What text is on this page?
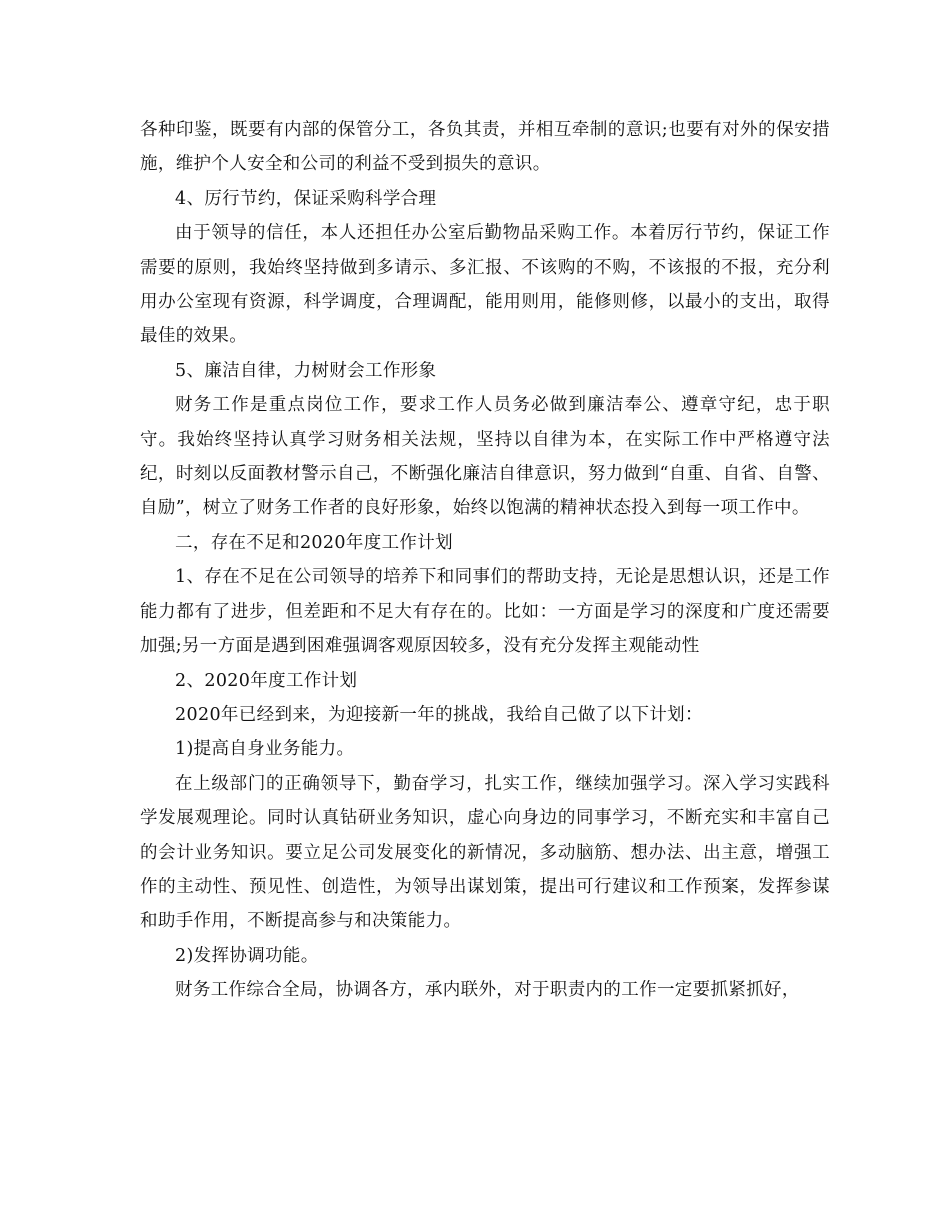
各种印鉴，既要有内部的保管分工，各负其责，并相互牵制的意识;也要有对外的保安措施，维护个人安全和公司的利益不受到损失的意识。

4、厉行节约，保证采购科学合理

由于领导的信任，本人还担任办公室后勤物品采购工作。本着厉行节约，保证工作需要的原则，我始终坚持做到多请示、多汇报、不该购的不购，不该报的不报，充分利用办公室现有资源，科学调度，合理调配，能用则用，能修则修，以最小的支出，取得最佳的效果。

5、廉洁自律，力树财会工作形象

财务工作是重点岗位工作，要求工作人员务必做到廉洁奉公、遵章守纪，忠于职守。我始终坚持认真学习财务相关法规，坚持以自律为本，在实际工作中严格遵守法纪，时刻以反面教材警示自己，不断强化廉洁自律意识，努力做到“自重、自省、自警、自励”，树立了财务工作者的良好形象，始终以饱满的精神状态投入到每一项工作中。

二，存在不足和2020年度工作计划

1、存在不足在公司领导的培养下和同事们的帮助支持，无论是思想认识，还是工作能力都有了进步，但差距和不足大有存在的。比如：一方面是学习的深度和广度还需要加强;另一方面是遇到困难强调客观原因较多，没有充分发挥主观能动性

2、2020年度工作计划

2020年已经到来，为迎接新一年的挑战，我给自己做了以下计划：

1)提高自身业务能力。

在上级部门的正确领导下，勤奋学习，扎实工作，继续加强学习。深入学习实践科学发展观理论。同时认真钻研业务知识，虚心向身边的同事学习，不断充实和丰富自己的会计业务知识。要立足公司发展变化的新情况，多动脑筋、想办法、出主意，增强工作的主动性、预见性、创造性，为领导出谋划策，提出可行建议和工作预案，发挥参谋和助手作用，不断提高参与和决策能力。

2)发挥协调功能。

财务工作综合全局，协调各方，承内联外，对于职责内的工作一定要抓紧抓好，
